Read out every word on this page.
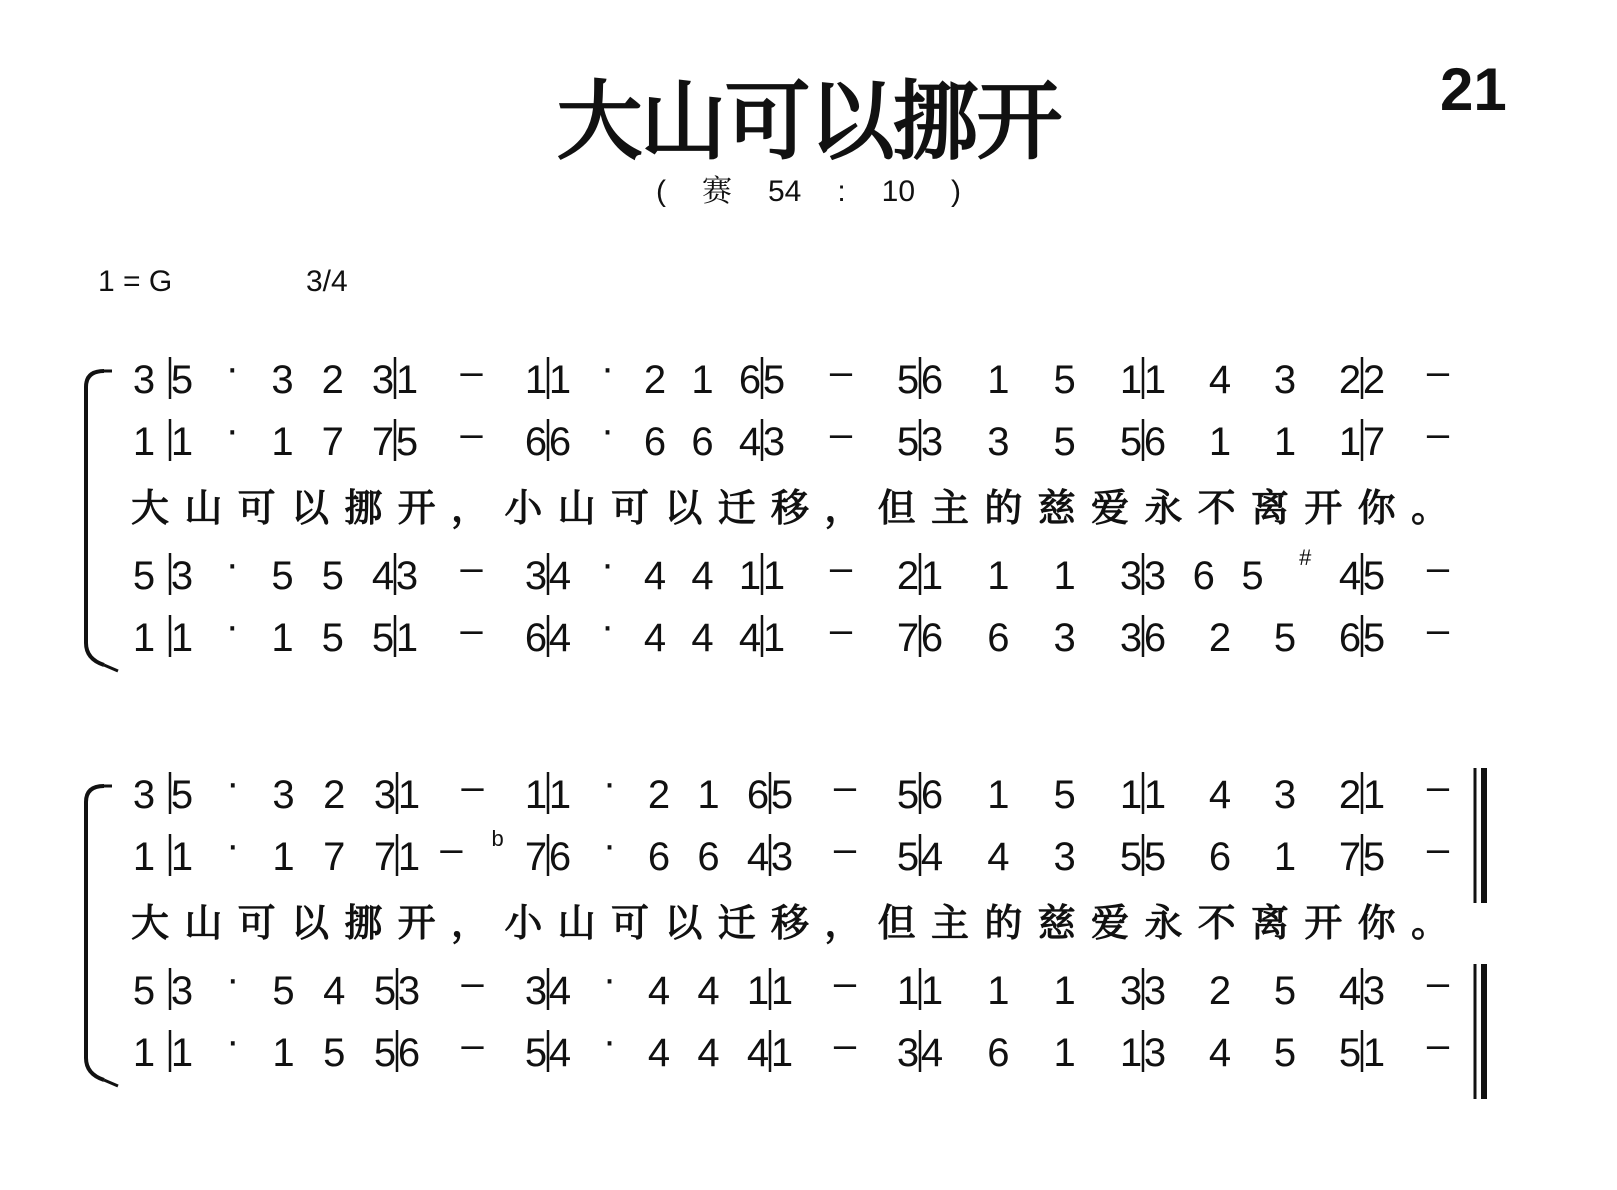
大山可以挪开	21
( 赛 54 : 10 )
1 = G	3/4
3 5 · 3 2 3 1 – 1 1 · 2 1 6 5 – 5 6 1 5 1 1 4 3 2 2 –
1 1 · 1 7 7 5 – 6 6 · 6 6 4 3 – 5 3 3 5 5 6 1 1 1 7 –
5 3 · 5 5 4 3 – 3 4 · 4 4 1 1 – 2 1 1 1 3 3 6 5 # 4 5 –
1 1 · 1 5 5 1 – 6 4 · 4 4 4 1 – 7 6 6 3 3 6 2 5 6 5 –
大 山 可 以 挪 开 ， 小 山 可 以 迁 移 ， 但 主 的 慈 爱 永 不 离 开 你 。
3 5 · 3 2 3 1 – 1 1 · 2 1 6 5 – 5 6 1 5 1 1 4 3 2 1 –
1 1 · 1 7 7 1 – b 7 6 · 6 6 4 3 – 5 4 4 3 5 5 6 1 7 5 –
5 3 · 5 4 5 3 – 3 4 · 4 4 1 1 – 1 1 1 1 3 3 2 5 4 3 –
1 1 · 1 5 5 6 – 5 4 · 4 4 4 1 – 3 4 6 1 1 3 4 5 5 1 –
大 山 可 以 挪 开 ， 小 山 可 以 迁 移 ， 但 主 的 慈 爱 永 不 离 开 你 。
